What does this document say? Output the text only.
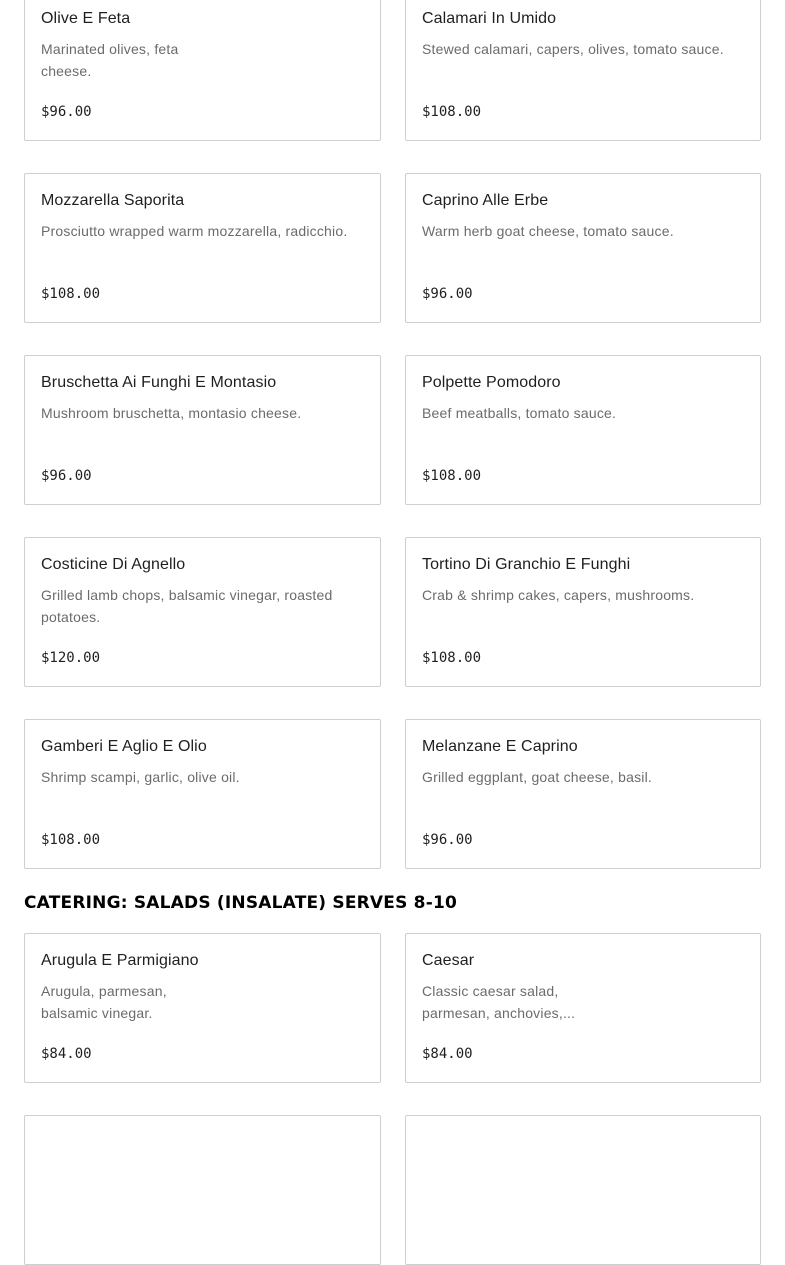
Olive E Feta
Marinated olives, feta cheese.
$96.00
Calamari In Umido
Stewed calamari, capers, olives, tomato sauce.
$108.00
Mozzarella Saporita
Prosciutto wrapped warm mozzarella, radicchio.
$108.00
Caprino Alle Erbe
Warm herb goat cheese, tomato sauce.
$96.00
Bruschetta Ai Funghi E Montasio
Mushroom bruschetta, montasio cheese.
$96.00
Polpette Pomodoro
Beef meatballs, tomato sauce.
$108.00
Costicine Di Agnello
Grilled lamb chops, balsamic vinegar, roasted potatoes.
$120.00
Tortino Di Granchio E Funghi
Crab & shrimp cakes, capers, mushrooms.
$108.00
Gamberi E Aglio E Olio
Shrimp scampi, garlic, olive oil.
$108.00
Melanzane E Caprino
Grilled eggplant, goat cheese, basil.
$96.00
CATERING: SALADS (INSALATE) SERVES 8-10
Arugula E Parmigiano
Arugula, parmesan, balsamic vinegar.
$84.00
Caesar
Classic caesar salad, parmesan, anchovies,...
$84.00
